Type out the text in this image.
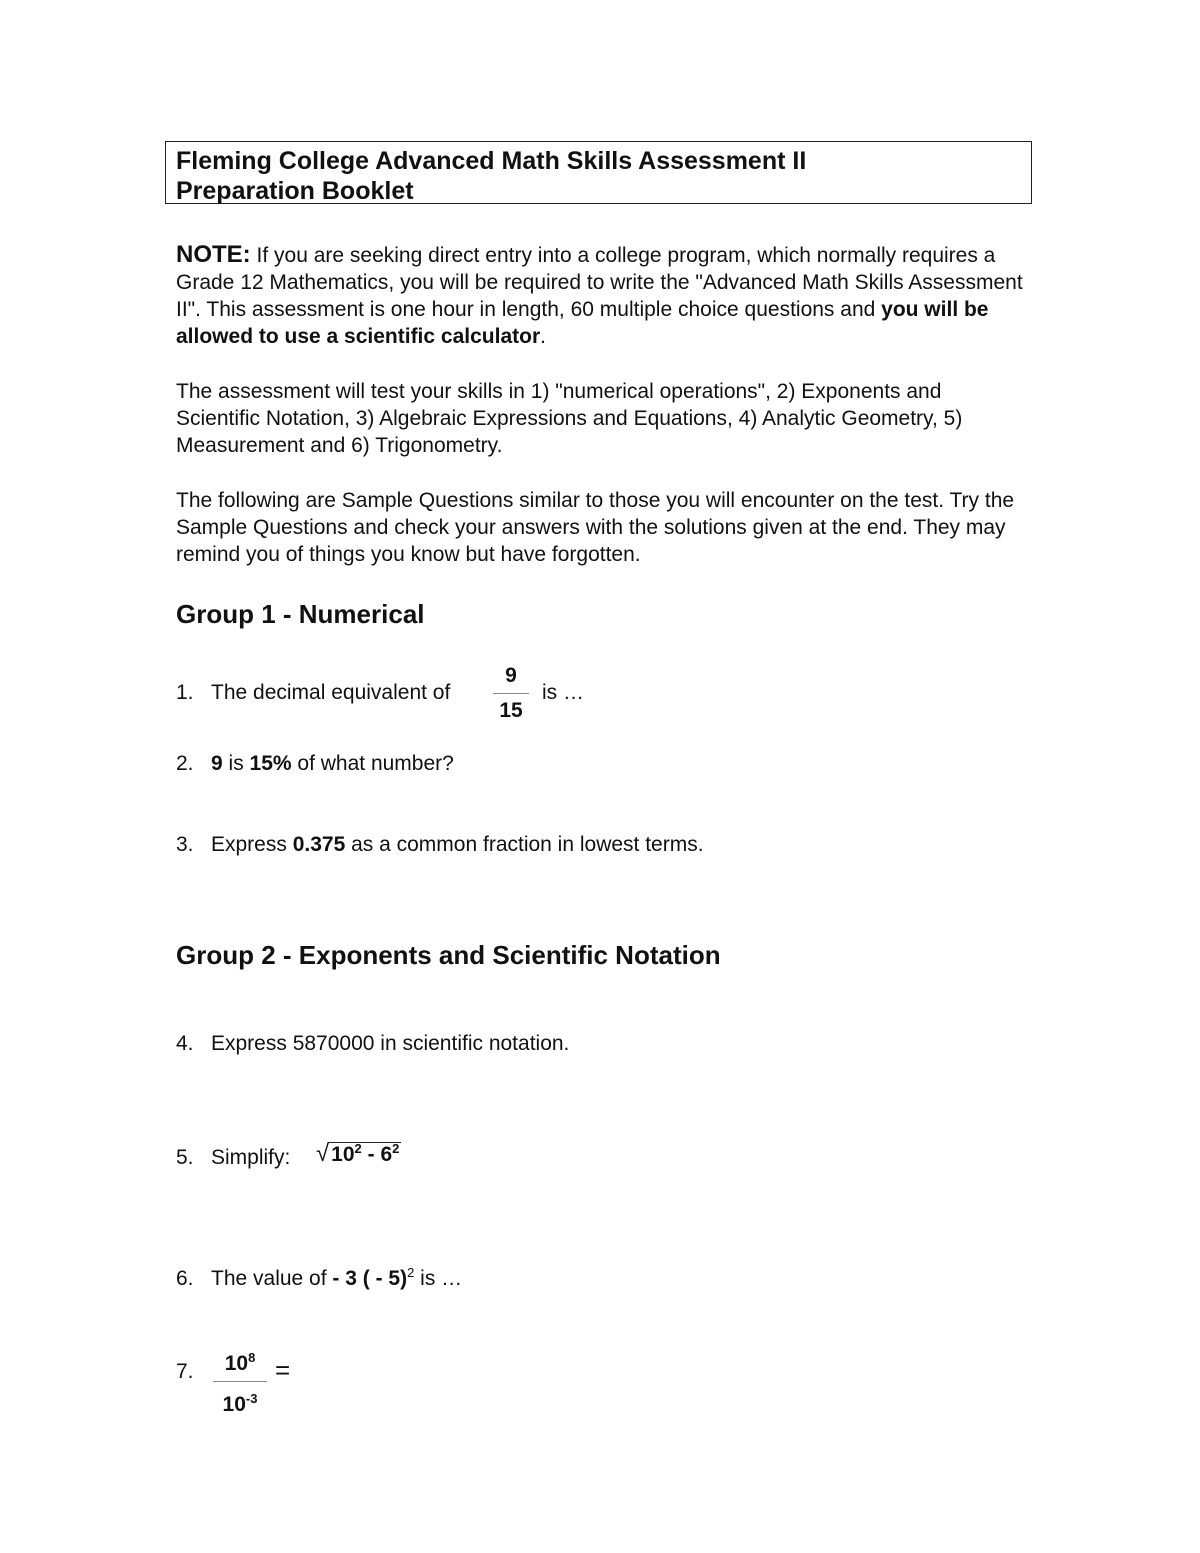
Fleming College Advanced Math Skills Assessment II

Preparation Booklet

NOTE: If you are seeking direct entry into a college program, which normally requires a Grade 12 Mathematics, you will be required to write the "Advanced Math Skills Assessment II". This assessment is one hour in length, 60 multiple choice questions and you will be allowed to use a scientific calculator.

The assessment will test your skills in 1) "numerical operations", 2) Exponents and Scientific Notation, 3) Algebraic Expressions and Equations, 4) Analytic Geometry, 5) Measurement and 6) Trigonometry.

The following are Sample Questions similar to those you will encounter on the test. Try the Sample Questions and check your answers with the solutions given at the end. They may remind you of things you know but have forgotten.

Group 1 - Numerical
1. The decimal equivalent of
9
15
is …
2. 9 is 15% of what number?
3. Express 0.375 as a common fraction in lowest terms.
Group 2 - Exponents and Scientific Notation
4. Express 5870000 in scientific notation.
5. Simplify: $√10^2 - 6^2$
6. The value of - 3 ( - 5)$^2$ is …
7.	$10^8$
$10^{-3}$
=
